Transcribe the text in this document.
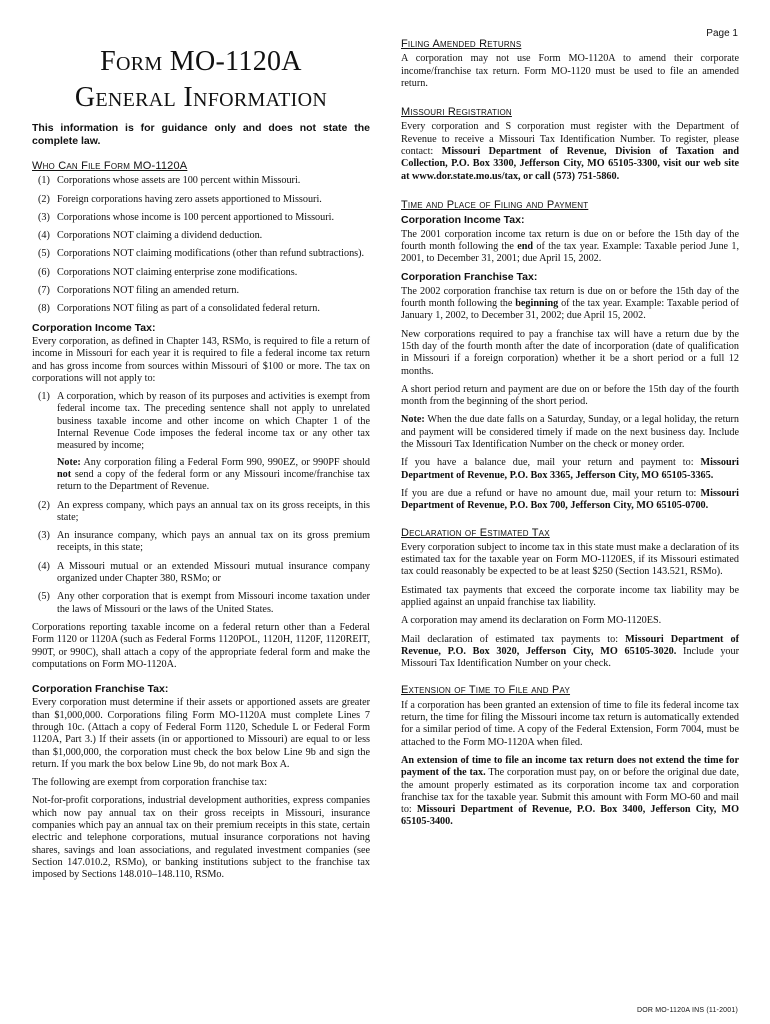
Page 1
Form MO-1120A
General Information
This information is for guidance only and does not state the complete law.
Who Can File Form MO-1120A
(1) Corporations whose assets are 100 percent within Missouri.
(2) Foreign corporations having zero assets apportioned to Missouri.
(3) Corporations whose income is 100 percent apportioned to Missouri.
(4) Corporations NOT claiming a dividend deduction.
(5) Corporations NOT claiming modifications (other than refund subtractions).
(6) Corporations NOT claiming enterprise zone modifications.
(7) Corporations NOT filing an amended return.
(8) Corporations NOT filing as part of a consolidated federal return.
Corporation Income Tax:

Every corporation, as defined in Chapter 143, RSMo, is required to file a return of income in Missouri for each year it is required to file a federal income tax return and has gross income from sources within Missouri of $100 or more. The tax on corporations will not apply to:

(1) A corporation, which by reason of its purposes and activities is exempt from federal income tax. The preceding sentence shall not apply to unrelated business taxable income and other income on which Chapter 1 of the Internal Revenue Code imposes the federal income tax or any other tax measured by income;
Note: Any corporation filing a Federal Form 990, 990EZ, or 990PF should not send a copy of the federal form or any Missouri income/franchise tax return to the Department of Revenue.
(2) An express company, which pays an annual tax on its gross receipts, in this state;
(3) An insurance company, which pays an annual tax on its gross premium receipts, in this state;
(4) A Missouri mutual or an extended Missouri mutual insurance company organized under Chapter 380, RSMo; or
(5) Any other corporation that is exempt from Missouri income taxation under the laws of Missouri or the laws of the United States.

Corporations reporting taxable income on a federal return other than a Federal Form 1120 or 1120A (such as Federal Forms 1120POL, 1120H, 1120F, 1120REIT, 990T, or 990C), shall attach a copy of the appropriate federal form and make the computations on Form MO-1120A.

Corporation Franchise Tax:

Every corporation must determine if their assets or apportioned assets are greater than $1,000,000. Corporations filing Form MO-1120A must complete Lines 7 through 10c. (Attach a copy of Federal Form 1120, Schedule L or Federal Form 1120A, Part 3.) If their assets (in or apportioned to Missouri) are equal to or less than $1,000,000, the corporation must check the box below Line 9b and sign the return. If you mark the box below Line 9b, do not mark Box A.

The following are exempt from corporation franchise tax:

Not-for-profit corporations, industrial development authorities, express companies which now pay annual tax on their gross receipts in Missouri, insurance companies which pay an annual tax on their premium receipts in this state, certain electric and telephone corporations, mutual insurance corporations not having shares, savings and loan associations, and regulated investment companies (see Section 147.010.2, RSMo), or banking institutions subject to the franchise tax imposed by Sections 148.010–148.110, RSMo.

Filing Amended Returns

A corporation may not use Form MO-1120A to amend their corporate income/franchise tax return. Form MO-1120 must be used to file an amended return.

Missouri Registration

Every corporation and S corporation must register with the Department of Revenue to receive a Missouri Tax Identification Number. To register, please contact: Missouri Department of Revenue, Division of Taxation and Collection, P.O. Box 3300, Jefferson City, MO 65105-3300, visit our web site at www.dor.state.mo.us/tax, or call (573) 751-5860.

Time and Place of Filing and Payment
Corporation Income Tax:

The 2001 corporation income tax return is due on or before the 15th day of the fourth month following the end of the tax year. Example: Taxable period June 1, 2001, to December 31, 2001; due April 15, 2002.

Corporation Franchise Tax:

The 2002 corporation franchise tax return is due on or before the 15th day of the fourth month following the beginning of the tax year. Example: Taxable period of January 1, 2002, to December 31, 2002; due April 15, 2002.

New corporations required to pay a franchise tax will have a return due by the 15th day of the fourth month after the date of incorporation (date of qualification in Missouri if a foreign corporation) whether it be a short period or a full 12 months.

A short period return and payment are due on or before the 15th day of the fourth month from the beginning of the short period.

Note: When the due date falls on a Saturday, Sunday, or a legal holiday, the return and payment will be considered timely if made on the next business day. Include the Missouri Tax Identification Number on the check or money order.

If you have a balance due, mail your return and payment to: Missouri Department of Revenue, P.O. Box 3365, Jefferson City, MO 65105-3365.

If you are due a refund or have no amount due, mail your return to: Missouri Department of Revenue, P.O. Box 700, Jefferson City, MO 65105-0700.

Declaration of Estimated Tax

Every corporation subject to income tax in this state must make a declaration of its estimated tax for the taxable year on Form MO-1120ES, if its Missouri estimated tax could reasonably be expected to be at least $250 (Section 143.521, RSMo).

Estimated tax payments that exceed the corporate income tax liability may be applied against an unpaid franchise tax liability.

A corporation may amend its declaration on Form MO-1120ES.

Mail declaration of estimated tax payments to: Missouri Department of Revenue, P.O. Box 3020, Jefferson City, MO 65105-3020. Include your Missouri Tax Identification Number on your check.

Extension of Time to File and Pay

If a corporation has been granted an extension of time to file its federal income tax return, the time for filing the Missouri income tax return is automatically extended for a similar period of time. A copy of the Federal Extension, Form 7004, must be attached to the Form MO-1120A when filed.

An extension of time to file an income tax return does not extend the time for payment of the tax. The corporation must pay, on or before the original due date, the amount properly estimated as its corporation income tax and corporation franchise tax for the taxable year. Submit this amount with Form MO-60 and mail to: Missouri Department of Revenue, P.O. Box 3400, Jefferson City, MO 65105-3400.

DOR MO-1120A INS (11-2001)
